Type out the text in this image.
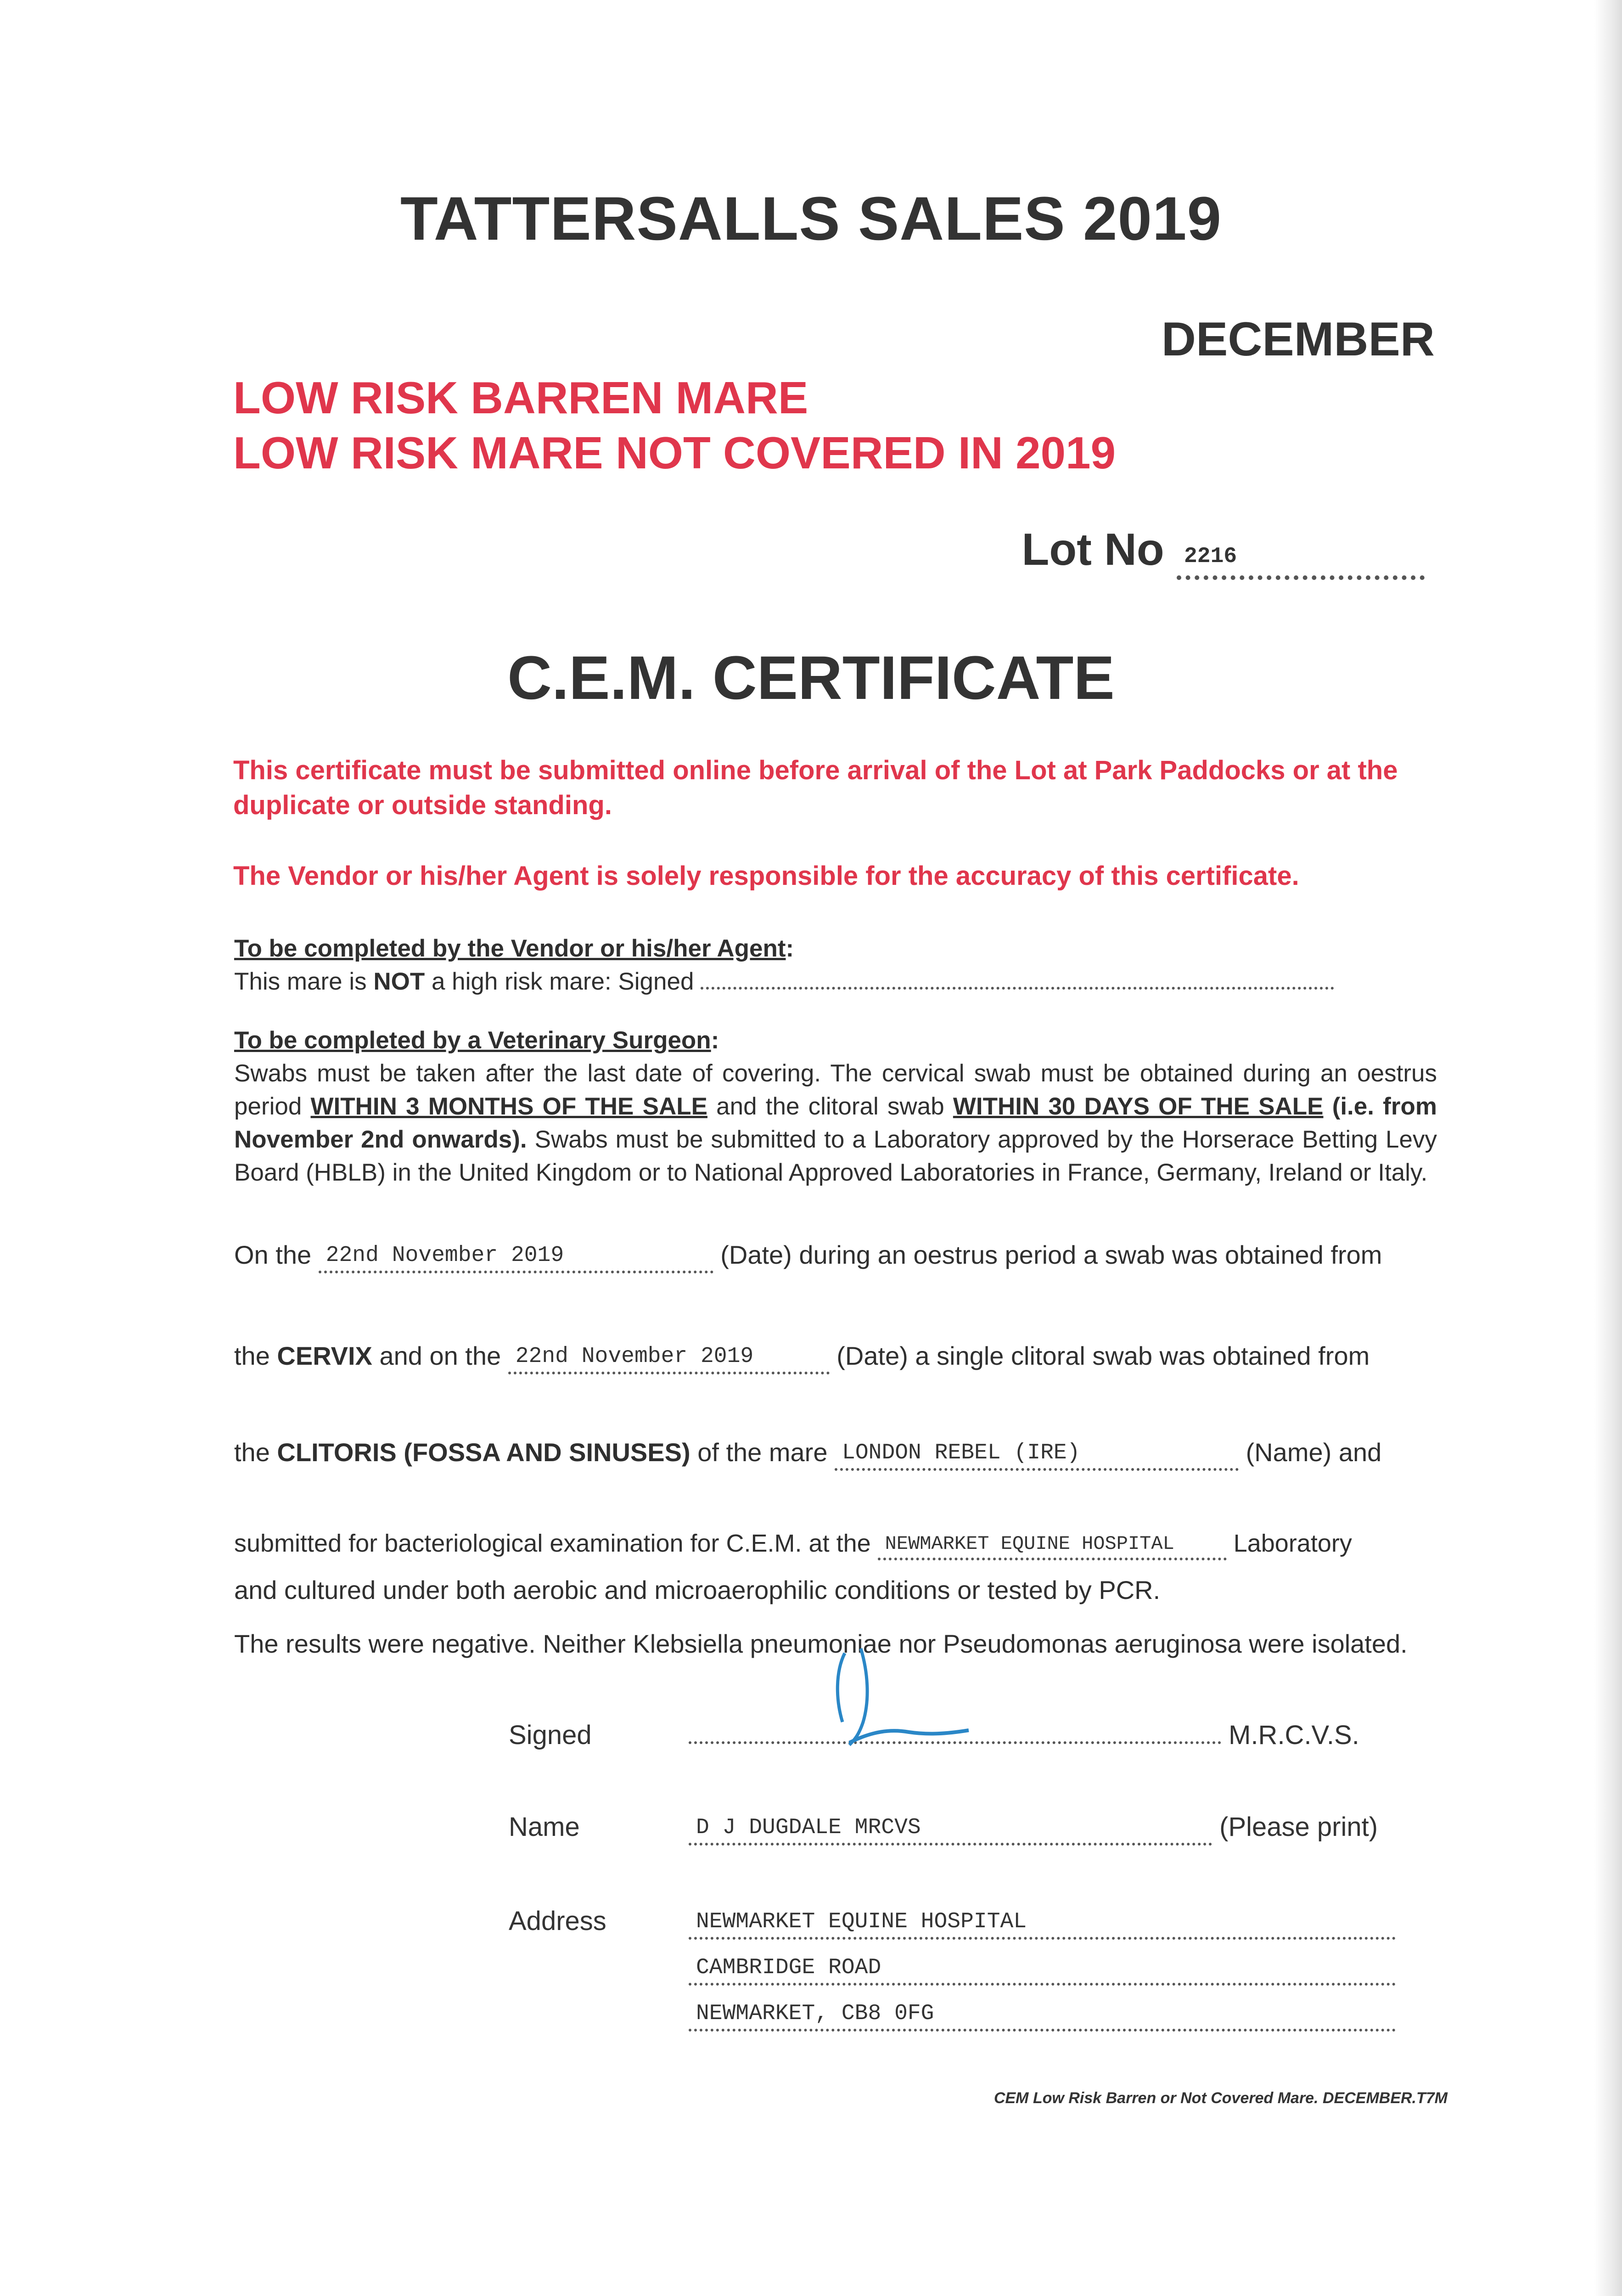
TATTERSALLS SALES 2019
DECEMBER
LOW RISK BARREN MARE
LOW RISK MARE NOT COVERED IN 2019
Lot No 2216
C.E.M. CERTIFICATE
This certificate must be submitted online before arrival of the Lot at Park Paddocks or at the duplicate or outside standing.
The Vendor or his/her Agent is solely responsible for the accuracy of this certificate.
To be completed by the Vendor or his/her Agent:
This mare is NOT a high risk mare: Signed
To be completed by a Veterinary Surgeon:
Swabs must be taken after the last date of covering. The cervical swab must be obtained during an oestrus period WITHIN 3 MONTHS OF THE SALE and the clitoral swab WITHIN 30 DAYS OF THE SALE (i.e. from November 2nd onwards). Swabs must be submitted to a Laboratory approved by the Horserace Betting Levy Board (HBLB) in the United Kingdom or to National Approved Laboratories in France, Germany, Ireland or Italy.
On the 22nd November 2019	(Date) during an oestrus period a swab was obtained from
the CERVIX and on the 22nd November 2019	(Date) a single clitoral swab was obtained from
the CLITORIS (FOSSA AND SINUSES) of the mare LONDON REBEL (IRE)	(Name) and
submitted for bacteriological examination for C.E.M. at the NEWMARKET EQUINE HOSPITAL Laboratory
and cultured under both aerobic and microaerophilic conditions or tested by PCR.
The results were negative. Neither Klebsiella pneumoniae nor Pseudomonas aeruginosa were isolated.
Signed	M.R.C.V.S.
Name	D J DUGDALE MRCVS	(Please print)
Address	NEWMARKET EQUINE HOSPITAL
CAMBRIDGE ROAD
NEWMARKET, CB8 0FG
CEM Low Risk Barren or Not Covered Mare. DECEMBER.T7M
